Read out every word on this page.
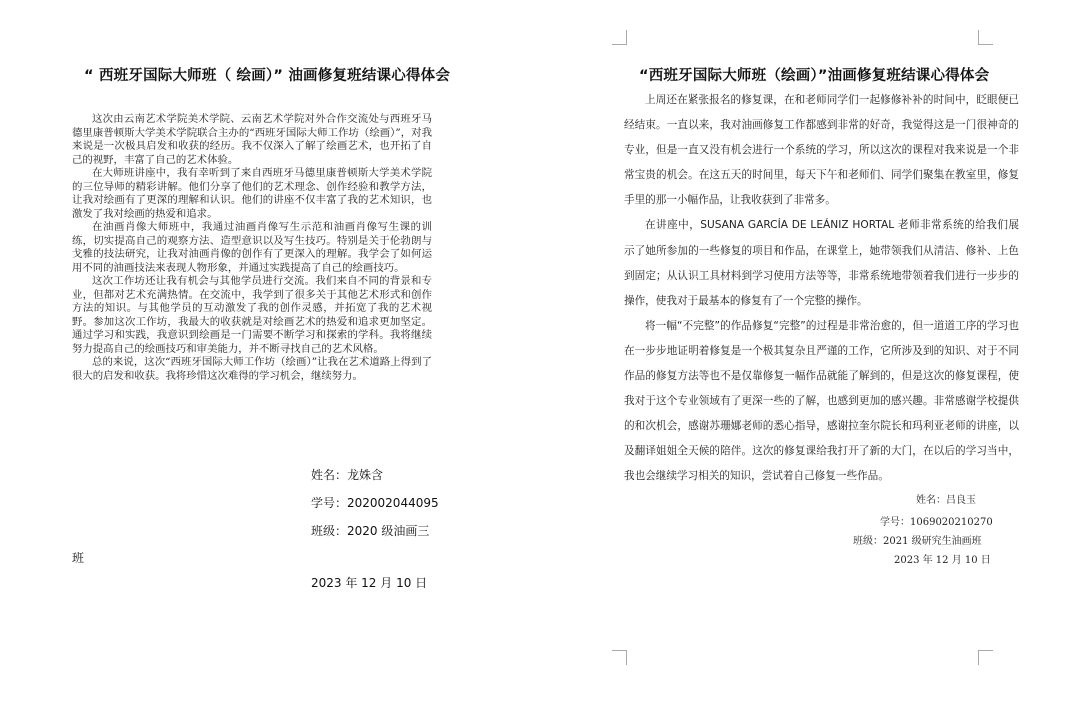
“ 西班牙国际大师班（ 绘画）” 油画修复班结课心得体会

这次由云南艺术学院美术学院、云南艺术学院对外合作交流处与西班牙马德里康普顿斯大学美术学院联合主办的“西班牙国际大师工作坊（绘画）”，对我来说是一次极具启发和收获的经历。我不仅深入了解了绘画艺术，也开拓了自己的视野，丰富了自己的艺术体验。

在大师班讲座中，我有幸听到了来自西班牙马德里康普顿斯大学美术学院的三位导师的精彩讲解。他们分享了他们的艺术理念、创作经验和教学方法，让我对绘画有了更深的理解和认识。他们的讲座不仅丰富了我的艺术知识，也激发了我对绘画的热爱和追求。

在油画肖像大师班中，我通过油画肖像写生示范和油画肖像写生课的训练，切实提高自己的观察方法、造型意识以及写生技巧。特别是关于伦勃朗与戈雅的技法研究，让我对油画肖像的创作有了更深入的理解。我学会了如何运用不同的油画技法来表现人物形象，并通过实践提高了自己的绘画技巧。

这次工作坊还让我有机会与其他学员进行交流。我们来自不同的背景和专业，但都对艺术充满热情。在交流中，我学到了很多关于其他艺术形式和创作方法的知识。与其他学员的互动激发了我的创作灵感，并拓宽了我的艺术视野。参加这次工作坊，我最大的收获就是对绘画艺术的热爱和追求更加坚定。通过学习和实践，我意识到绘画是一门需要不断学习和探索的学科。我将继续努力提高自己的绘画技巧和审美能力，并不断寻找自己的艺术风格。

总的来说，这次“西班牙国际大师工作坊（绘画）”让我在艺术道路上得到了很大的启发和收获。我将珍惜这次难得的学习机会，继续努力。

姓名：龙姝含
学号：202002044095
班级：2020 级油画三
班
2023 年 12 月 10 日
“西班牙国际大师班（绘画）”油画修复班结课心得体会

上周还在紧张报名的修复课，在和老师同学们一起修修补补的时间中，眨眼便已经结束。一直以来，我对油画修复工作都感到非常的好奇，我觉得这是一门很神奇的专业，但是一直又没有机会进行一个系统的学习，所以这次的课程对我来说是一个非常宝贵的机会。在这五天的时间里，每天下午和老师们、同学们聚集在教室里，修复手里的那一小幅作品，让我收获到了非常多。

在讲座中，SUSANA GARCÍA DE LEÁNIZ HORTAL 老师非常系统的给我们展示了她所参加的一些修复的项目和作品，在课堂上，她带领我们从清洁、修补、上色到固定；从认识工具材料到学习使用方法等等，非常系统地带领着我们进行一步步的操作，使我对于最基本的修复有了一个完整的操作。

将一幅“不完整”的作品修复“完整”的过程是非常治愈的，但一道道工序的学习也在一步步地证明着修复是一个极其复杂且严谨的工作，它所涉及到的知识、对于不同作品的修复方法等也不是仅靠修复一幅作品就能了解到的，但是这次的修复课程，使我对于这个专业领域有了更深一些的了解，也感到更加的感兴趣。非常感谢学校提供的和次机会，感谢苏珊娜老师的悉心指导，感谢拉奎尔院长和玛利亚老师的讲座，以及翻译姐姐全天候的陪伴。这次的修复课给我打开了新的大门，在以后的学习当中，我也会继续学习相关的知识，尝试着自己修复一些作品。

姓名：吕良玉
学号：1069020210270
班级：2021 级研究生油画班
2023 年 12 月 10 日
